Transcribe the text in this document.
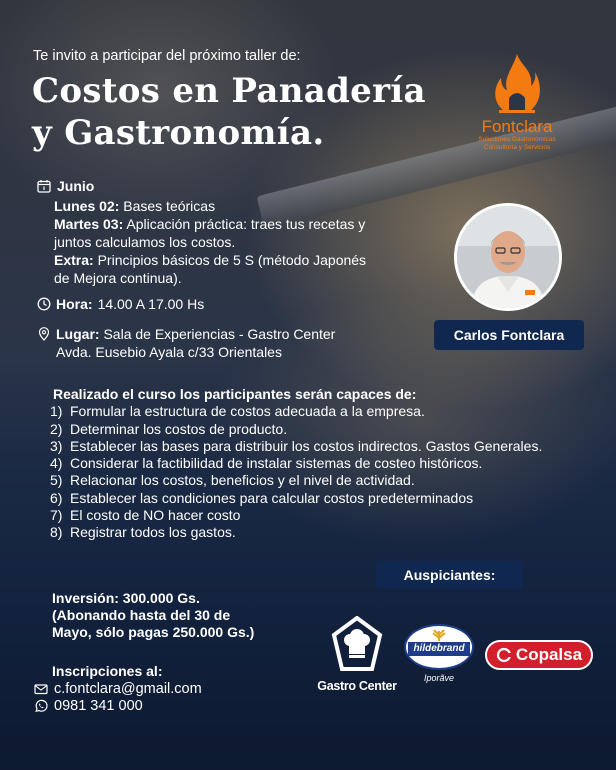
Te invito a participar del próximo taller de:
Costos en Panadería
y Gastronomía.	Fontclara
Soluciones Gastronómicas
Consultoría y Servicios
Junio

Lunes 02: Bases teóricas

Martes 03: Aplicación práctica: traes tus recetas y juntos calculamos los costos.

Extra: Principios básicos de 5 S (método Japonés de Mejora continua).

Hora: 14.00 A 17.00 Hs
Lugar: Sala de Experiencias - Gastro Center
Avda. Eusebio Ayala c/33 Orientales
Carlos Fontclara
Realizado el curso los participantes serán capaces de:
1) Formular la estructura de costos adecuada a la empresa.
2) Determinar los costos de producto.
3) Establecer las bases para distribuir los costos indirectos. Gastos Generales.
4) Considerar la factibilidad de instalar sistemas de costeo históricos.
5) Relacionar los costos, beneficios y el nivel de actividad.
6) Establecer las condiciones para calcular costos predeterminados
7) El costo de NO hacer costo
8) Registrar todos los gastos.
Auspiciantes:
Inversión: 300.000 Gs.
(Abonando hasta del 30 de
Mayo, sólo pagas 250.000 Gs.)
Inscripciones al:
c.fontclara@gmail.com
0981 341 000
Gastro Center
hildebrand
Iporãve
Copalsa
